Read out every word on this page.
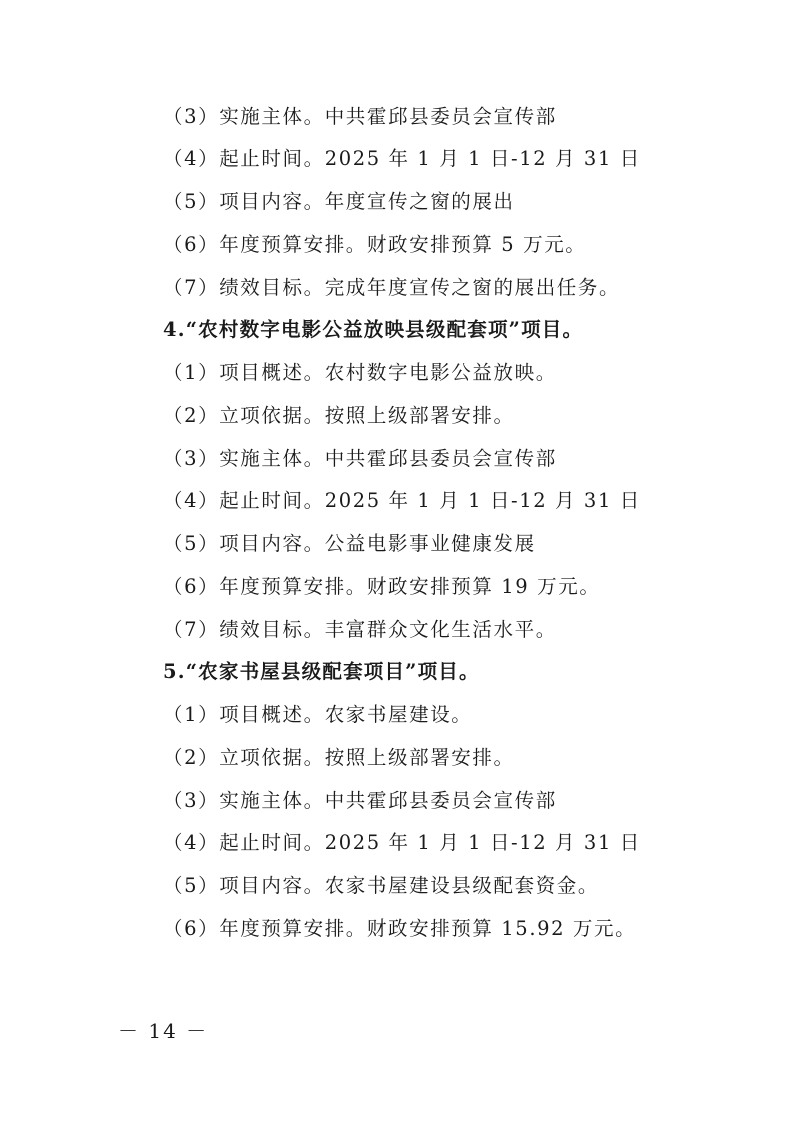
（3）实施主体。中共霍邱县委员会宣传部
（4）起止时间。2025 年 1 月 1 日-12 月 31 日
（5）项目内容。年度宣传之窗的展出
（6）年度预算安排。财政安排预算 5 万元。
（7）绩效目标。完成年度宣传之窗的展出任务。
4.“农村数字电影公益放映县级配套项”项目。
（1）项目概述。农村数字电影公益放映。
（2）立项依据。按照上级部署安排。
（3）实施主体。中共霍邱县委员会宣传部
（4）起止时间。2025 年 1 月 1 日-12 月 31 日
（5）项目内容。公益电影事业健康发展
（6）年度预算安排。财政安排预算 19 万元。
（7）绩效目标。丰富群众文化生活水平。
5.“农家书屋县级配套项目”项目。
（1）项目概述。农家书屋建设。
（2）立项依据。按照上级部署安排。
（3）实施主体。中共霍邱县委员会宣传部
（4）起止时间。2025 年 1 月 1 日-12 月 31 日
（5）项目内容。农家书屋建设县级配套资金。
（6）年度预算安排。财政安排预算 15.92 万元。
－ 14 －
